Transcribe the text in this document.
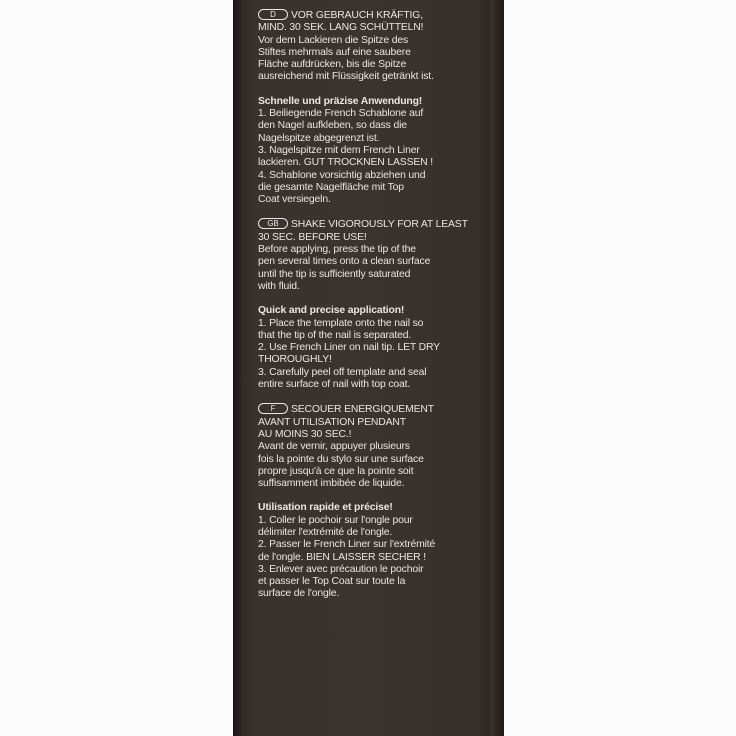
D VOR GEBRAUCH KRÄFTIG,
MIND. 30 SEK. LANG SCHÜTTELN!
Vor dem Lackieren die Spitze des
Stiftes mehrmals auf eine saubere
Fläche aufdrücken, bis die Spitze
ausreichend mit Flüssigkeit getränkt ist.
Schnelle und präzise Anwendung!
1. Beiliegende French Schablone auf
den Nagel aufkleben, so dass die
Nagelspitze abgegrenzt ist.
3. Nagelspitze mit dem French Liner
lackieren. GUT TROCKNEN LASSEN !
4. Schablone vorsichtig abziehen und
die gesamte Nagelfläche mit Top
Coat versiegeln.
GB SHAKE VIGOROUSLY FOR AT LEAST
30 SEC. BEFORE USE!
Before applying, press the tip of the
pen several times onto a clean surface
until the tip is sufficiently saturated
with fluid.
Quick and precise application!
1. Place the template onto the nail so
that the tip of the nail is separated.
2. Use French Liner on nail tip. LET DRY
THOROUGHLY!
3. Carefully peel off template and seal
entire surface of nail with top coat.
F SECOUER ENERGIQUEMENT
AVANT UTILISATION PENDANT
AU MOINS 30 SEC.!
Avant de vernir, appuyer plusieurs
fois la pointe du stylo sur une surface
propre jusqu'à ce que la pointe soit
suffisamment imbibée de liquide.
Utilisation rapide et précise!
1. Coller le pochoir sur l'ongle pour
délimiter l'extrémité de l'ongle.
2. Passer le French Liner sur l'extrémité
de l'ongle. BIEN LAISSER SECHER !
3. Enlever avec précaution le pochoir
et passer le Top Coat sur toute la
surface de l'ongle.
